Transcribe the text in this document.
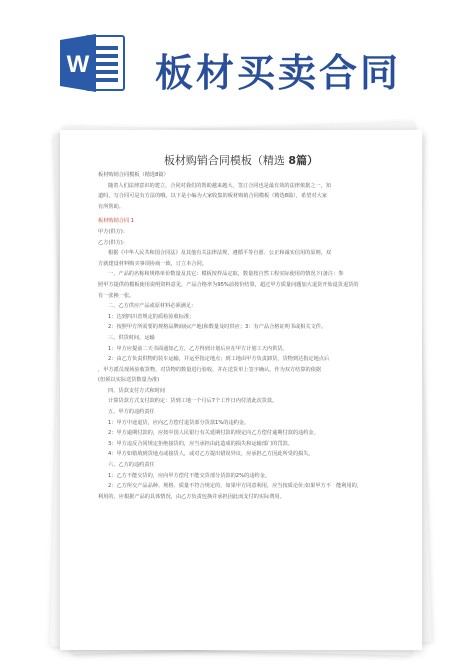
W 板材买卖合同
板材购销合同模板（精选 8篇）
板材购销合同模板（精选8篇）
随着人们法律意识的建立，合同对我们的帮助越来越大，签订合同也是最有效的法律依据之一，知
道吗，写合同可是有方法的哦。以下是小编为大家收集的板材购销合同模板（精选8篇），希望对大家
有所帮助。
板材购销合同 1
甲方(供方)：
乙方(供方)：
根据《中华人民共和国合同法》及其他有关法律法规，遵循平等自愿、公正和诚实信用的原则，双
方就建设材料购买事项协商一致，订立本合同。
一、产品的名称和规格单价数量及其它：模板按样品定取，数量按自然工程实际使用的情况下(备注：参
照甲方提供的模板使用说明资料意见，产品合格率为95%前按价结算，超过甲方质量问题加大退货开始退货退货的
有一张换一张。
二、乙方供应产品或原材料必须满足：
1：达到四川省规定的质检验收标准；
2：按照甲方所需要的规格品牌商标(产地)和数量及时供应；3：有产品合格证明书或相关文件。
三、供货时间，运输
1：甲方应提前二天书面通知乙方，乙方得到计划后应在甲方计划工天内供货。
2：由乙方负责供物的装车运输，并运至指定地点；到工地由甲方负责卸货，货物到达指定地点后
，甲方派员现场验收货物，对货物的数量进行验收，并在送货单上签字确认，作为双方结算的依据
(但须以实际送货数量为准)
四、货款支付方式和时间
计算货款方式支付款约定：货到工地一个月后7个工作日内付清此次货款。
五、甲方的违约责任
1：甲方中途退货，应向乙方偿付退货部分货款1%的违约金。
2：甲方逾期付款的，应按中国人民银行有关延期付款的规定向乙方偿付逾期付款的违约金。
3：甲方违反合同规定拒绝接货的，应当承担由此造成的损失和运输部门的罚款。
4：甲方如错填到货地点或接货人，或对乙方提出错误异议，应承担乙方因此所受的损失。
六、乙方的违约责任
1：乙方不能交货的，应向甲方偿付不能交货部分货款的2%的违约金。
2：乙方所交产品品种、规格、质量不符合规定的，如果甲方同意利用，应当按质论价;如果甲方不　能利用的，
利用的，应根据产品的具体情况，由乙方负责包换并承担因此而支付的实际费用。
